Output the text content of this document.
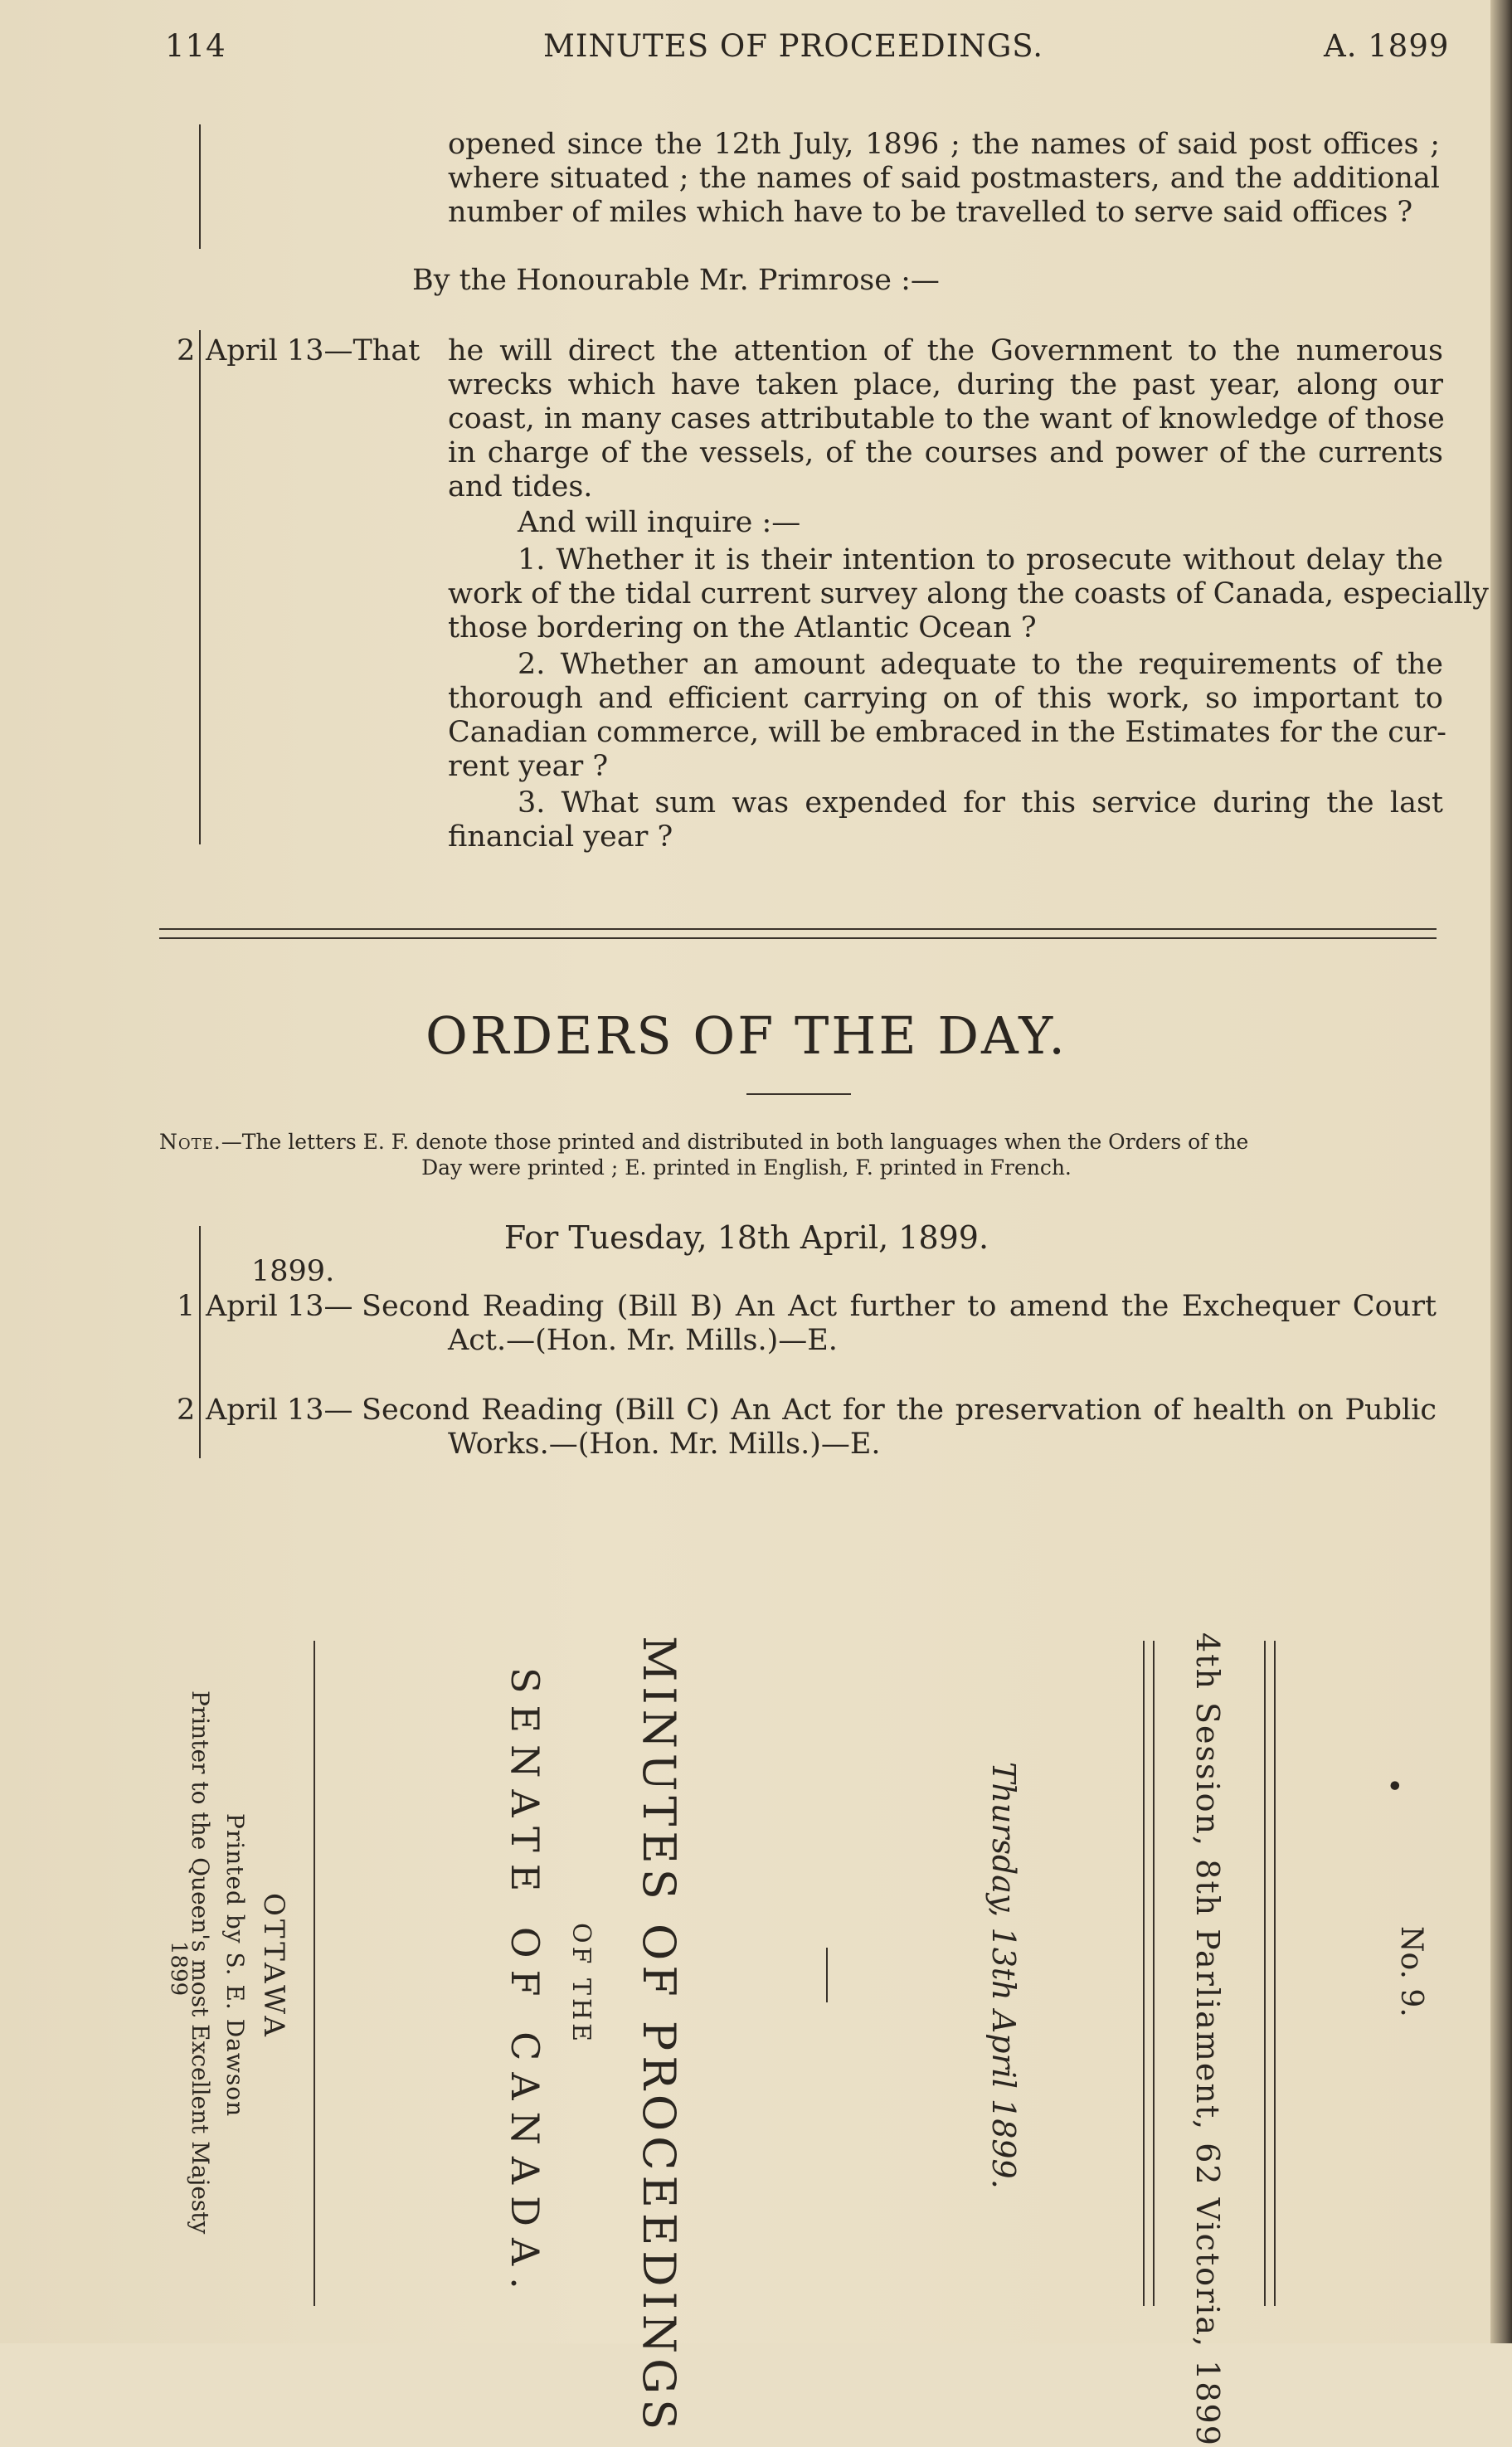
114	MINUTES OF PROCEEDINGS.	A. 1899
opened since the 12th July, 1896 ; the names of said post offices ;
where situated ; the names of said postmasters, and the additional
number of miles which have to be travelled to serve said offices ?
By the Honourable Mr. Primrose :—
2 April 13—That he will direct the attention of the Government to the numerous
wrecks which have taken place, during the past year, along our
coast, in many cases attributable to the want of knowledge of those
in charge of the vessels, of the courses and power of the currents
and tides.
And will inquire :—
1. Whether it is their intention to prosecute without delay the
work of the tidal current survey along the coasts of Canada, especially
those bordering on the Atlantic Ocean ?
2. Whether an amount adequate to the requirements of the
thorough and efficient carrying on of this work, so important to
Canadian commerce, will be embraced in the Estimates for the cur-
rent year ?
3. What sum was expended for this service during the last
financial year ?
ORDERS OF THE DAY.
Note.—The letters E. F. denote those printed and distributed in both languages when the Orders of the
Day were printed ; E. printed in English, F. printed in French.
For Tuesday, 18th April, 1899.
1899.
1 April 13— Second Reading (Bill B) An Act further to amend the Exchequer Court
Act.—(Hon. Mr. Mills.)—E.
2 April 13— Second Reading (Bill C) An Act for the preservation of health on Public
Works.—(Hon. Mr. Mills.)—E.
MINUTES OF PROCEEDINGS
OF THE
SENATE OF CANADA.	Thursday, 13th April 1899.	4th Session, 8th Parliament, 62 Victoria, 1899	No. 9.
•
OTTAWA
Printed by S. E. Dawson
Printer to the Queen's most Excellent Majesty
1899
